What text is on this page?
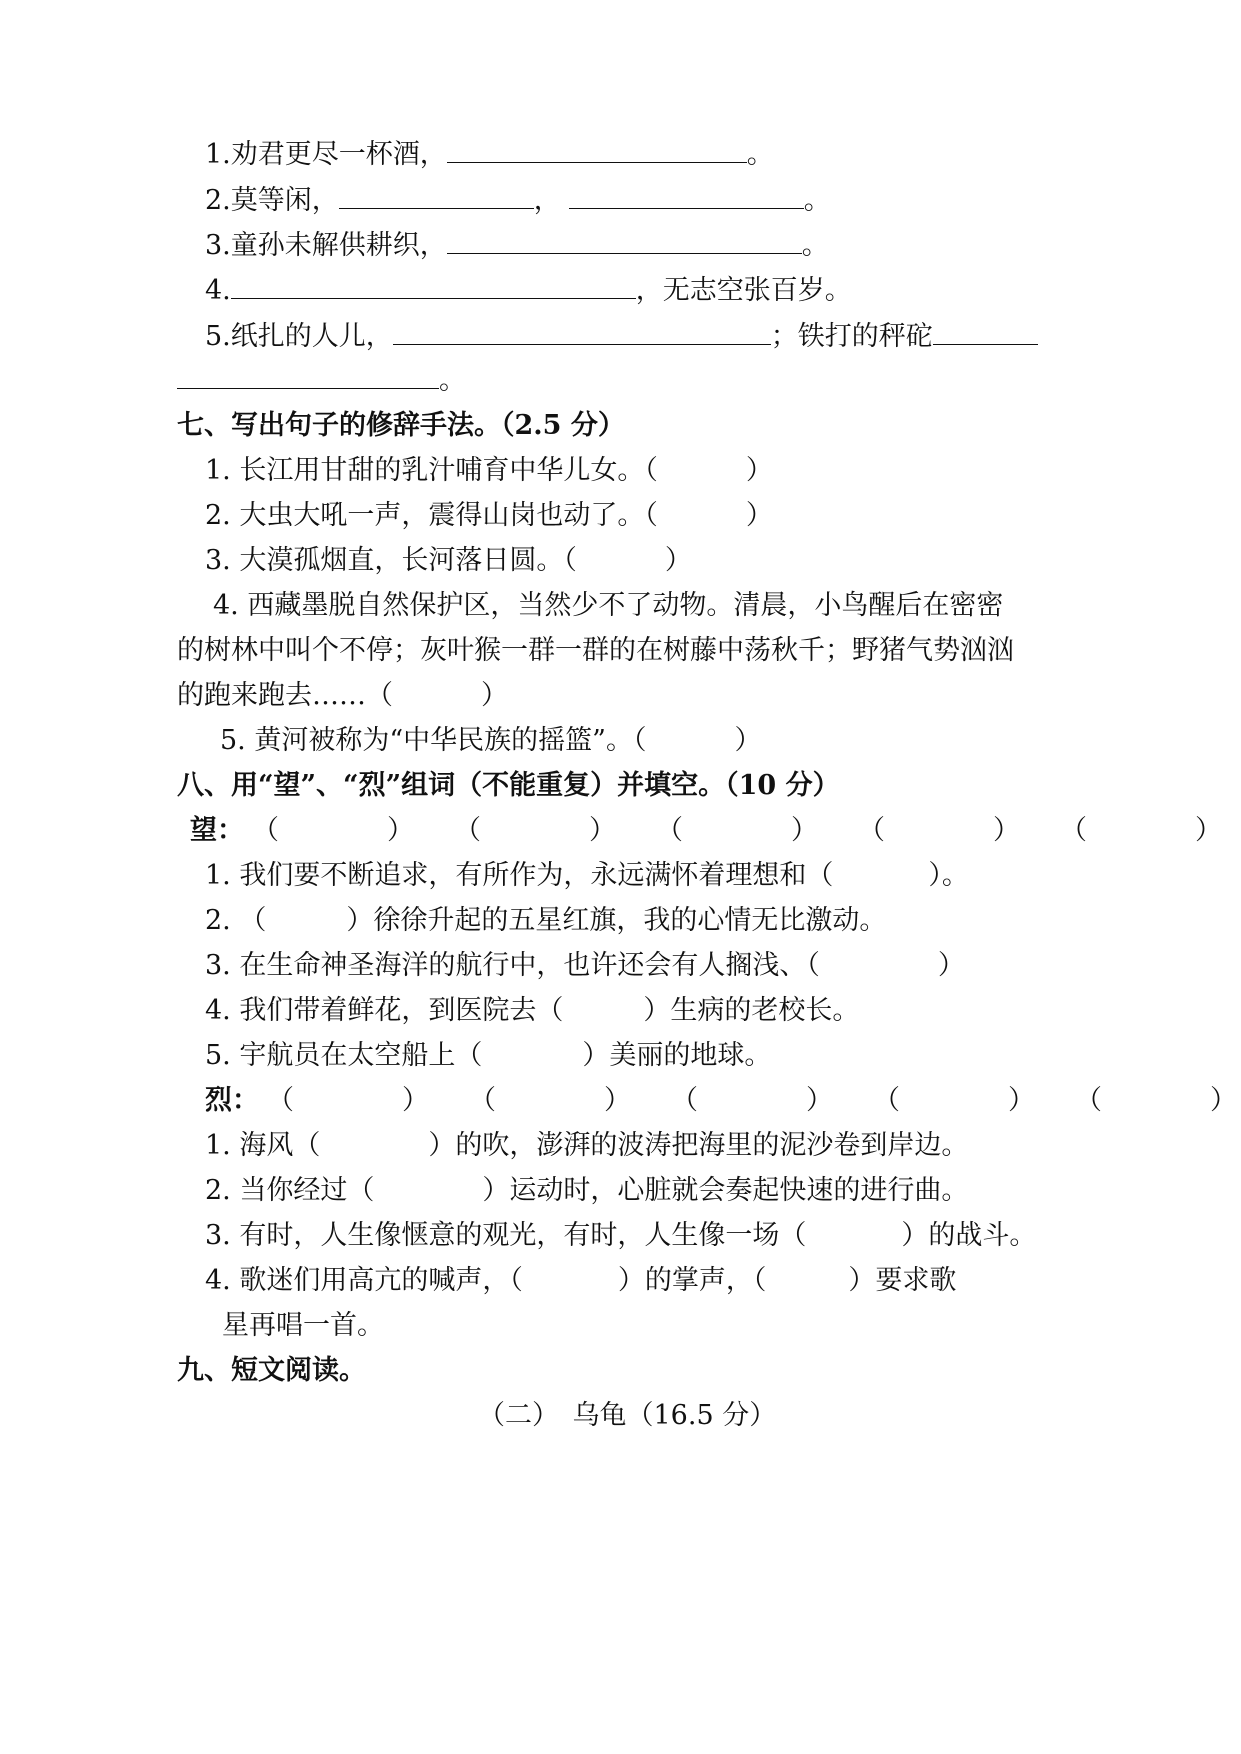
1.劝君更尽一杯酒，	。
2.莫等闲，	，	。
3.童孙未解供耕织，	。
4.	，无志空张百岁。
5.纸扎的人儿，	；铁打的秤砣
。
七、写出句子的修辞手法。（2.5 分）
1. 长江用甘甜的乳汁哺育中华儿女。（	）
2. 大虫大吼一声，震得山岗也动了。（	）
3. 大漠孤烟直，长河落日圆。（	）
4. 西藏墨脱自然保护区，当然少不了动物。清晨，小鸟醒后在密密
的树林中叫个不停；灰叶猴一群一群的在树藤中荡秋千；野猪气势汹汹
的跑来跑去……（	）
5. 黄河被称为“中华民族的摇篮”。（	）
八、用“望”、“烈”组词（不能重复）并填空。（10 分）
望： （	） （	） （	） （	） （	）
1. 我们要不断追求，有所作为，永远满怀着理想和（	）。
2. （	）徐徐升起的五星红旗，我的心情无比激动。
3. 在生命神圣海洋的航行中，也许还会有人搁浅、（	）
4. 我们带着鲜花，到医院去（	）生病的老校长。
5. 宇航员在太空船上（	）美丽的地球。
烈： （	） （	） （	） （	） （	）
1. 海风（	）的吹，澎湃的波涛把海里的泥沙卷到岸边。
2. 当你经过（	）运动时，心脏就会奏起快速的进行曲。
3. 有时，人生像惬意的观光，有时，人生像一场（	）的战斗。
4. 歌迷们用高亢的喊声，（	）的掌声，（	）要求歌
星再唱一首。
九、短文阅读。
（二）　乌龟（16.5 分）
